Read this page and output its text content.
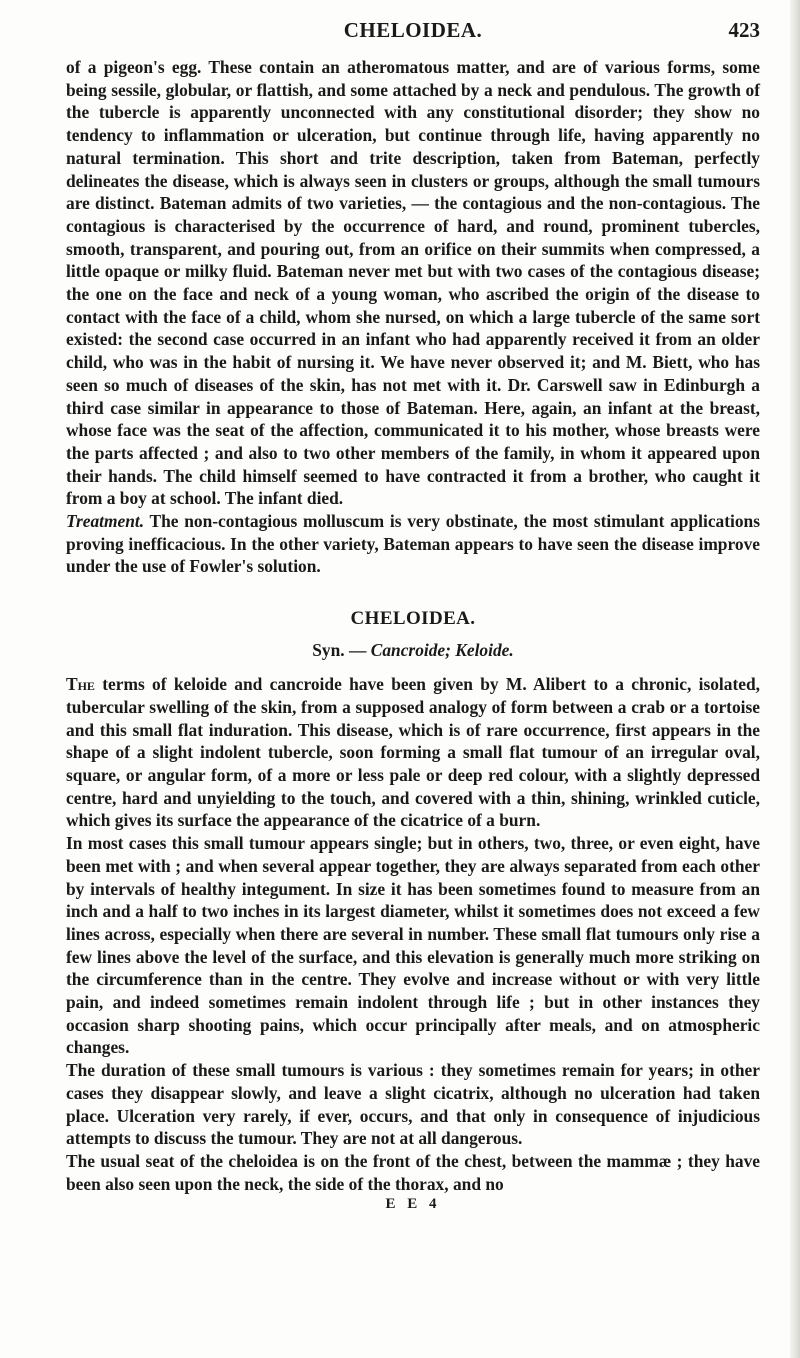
CHELOIDEA.	423

of a pigeon's egg. These contain an atheromatous matter, and are of various forms, some being sessile, globular, or flattish, and some attached by a neck and pendulous. The growth of the tubercle is apparently unconnected with any constitutional disorder; they show no tendency to inflammation or ulceration, but continue through life, having apparently no natural termination. This short and trite description, taken from Bateman, perfectly delineates the disease, which is always seen in clusters or groups, although the small tumours are distinct. Bateman admits of two varieties, — the contagious and the non-contagious. The contagious is characterised by the occurrence of hard, and round, prominent tubercles, smooth, transparent, and pouring out, from an orifice on their summits when compressed, a little opaque or milky fluid. Bateman never met but with two cases of the contagious disease; the one on the face and neck of a young woman, who ascribed the origin of the disease to contact with the face of a child, whom she nursed, on which a large tubercle of the same sort existed: the second case occurred in an infant who had apparently received it from an older child, who was in the habit of nursing it. We have never observed it; and M. Biett, who has seen so much of diseases of the skin, has not met with it. Dr. Carswell saw in Edinburgh a third case similar in appearance to those of Bateman. Here, again, an infant at the breast, whose face was the seat of the affection, communicated it to his mother, whose breasts were the parts affected ; and also to two other members of the family, in whom it appeared upon their hands. The child himself seemed to have contracted it from a brother, who caught it from a boy at school. The infant died.

Treatment. The non-contagious molluscum is very obstinate, the most stimulant applications proving inefficacious. In the other variety, Bateman appears to have seen the disease improve under the use of Fowler's solution.

CHELOIDEA.
Syn. — Cancroide; Keloide.

The terms of keloide and cancroide have been given by M. Alibert to a chronic, isolated, tubercular swelling of the skin, from a supposed analogy of form between a crab or a tortoise and this small flat induration. This disease, which is of rare occurrence, first appears in the shape of a slight indolent tubercle, soon forming a small flat tumour of an irregular oval, square, or angular form, of a more or less pale or deep red colour, with a slightly depressed centre, hard and unyielding to the touch, and covered with a thin, shining, wrinkled cuticle, which gives its surface the appearance of the cicatrice of a burn.

In most cases this small tumour appears single; but in others, two, three, or even eight, have been met with ; and when several appear together, they are always separated from each other by intervals of healthy integument. In size it has been sometimes found to measure from an inch and a half to two inches in its largest diameter, whilst it sometimes does not exceed a few lines across, especially when there are several in number. These small flat tumours only rise a few lines above the level of the surface, and this elevation is generally much more striking on the circumference than in the centre. They evolve and increase without or with very little pain, and indeed sometimes remain indolent through life ; but in other instances they occasion sharp shooting pains, which occur principally after meals, and on atmospheric changes.

The duration of these small tumours is various : they sometimes remain for years; in other cases they disappear slowly, and leave a slight cicatrix, although no ulceration had taken place. Ulceration very rarely, if ever, occurs, and that only in consequence of injudicious attempts to discuss the tumour. They are not at all dangerous.

The usual seat of the cheloidea is on the front of the chest, between the mammæ ; they have been also seen upon the neck, the side of the thorax, and no

E E 4
